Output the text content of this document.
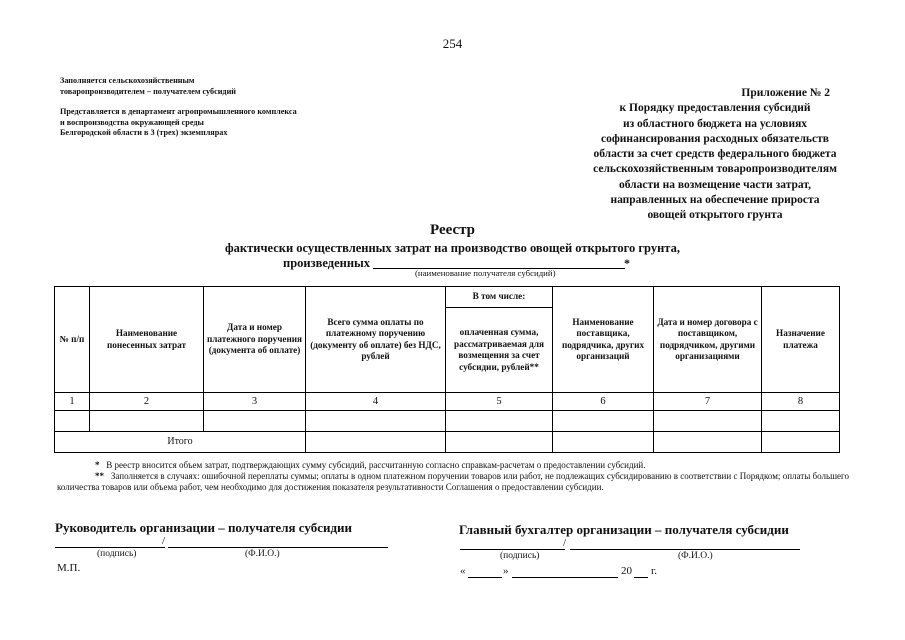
254

Заполняется сельскохозяйственным
товаропроизводителем – получателем субсидий

Представляется в департамент агропромышленного комплекса
и воспроизводства окружающей среды
Белгородской области в 3 (трех) экземплярах

Приложение № 2
к Порядку предоставления субсидий
из областного бюджета на условиях
софинансирования расходных обязательств
области за счет средств федерального бюджета
сельскохозяйственным товаропроизводителям
области на возмещение части затрат,
направленных на обеспечение прироста
овощей открытого грунта
Реестр
фактически осуществленных затрат на производство овощей открытого грунта,
произведенных	*
(наименование получателя субсидий)
№ п/п	Наименование понесенных затрат	Дата и номер платежного поручения (документа об оплате)	Всего сумма оплаты по платежному поручению (документу об оплате) без НДС, рублей	В том числе:	Наименование поставщика, подрядчика, других организаций	Дата и номер договора с поставщиком, подрядчиком, другими организациями	Назначение платежа
				оплаченная сумма, рассматриваемая для возмещения за счет субсидии, рублей**			
1	2	3	4	5	6	7	8

Итого							
* В реестр вносится объем затрат, подтверждающих сумму субсидий, рассчитанную согласно справкам-расчетам о предоставлении субсидий.
** Заполняется в случаях: ошибочной переплаты суммы; оплаты в одном платежном поручении товаров или работ, не подлежащих субсидированию в соответствии с Порядком; оплаты большего количества товаров или объема работ, чем необходимо для достижения показателя результативности Соглашения о предоставлении субсидии.
Руководитель организации – получателя субсидии
/
(подпись)	(Ф.И.О.)
М.П.
Главный бухгалтер организации – получателя субсидии
/
(подпись)	(Ф.И.О.)
«	»	20 г.
